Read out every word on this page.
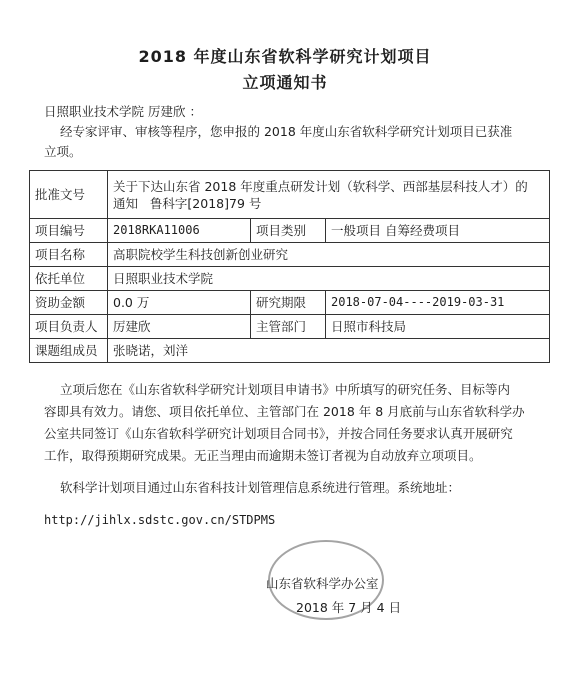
2018 年度山东省软科学研究计划项目
立项通知书

日照职业技术学院 厉建欣 ：

经专家评审、审核等程序，您申报的 2018 年度山东省软科学研究计划项目已获准

立项。

批准文号	关于下达山东省 2018 年度重点研发计划（软科学、西部基层科技人才）的
通知   鲁科字[2018]79 号		

项目编号	2018RKA11006	项目类别	一般项目 自筹经费项目
项目名称	高职院校学生科技创新创业研究		
依托单位	日照职业技术学院		
资助金额	0.0 万	研究期限	2018-07-04----2019-03-31
项目负责人	厉建欣	主管部门	日照市科技局
课题组成员	张晓诺，刘洋		

立项后您在《山东省软科学研究计划项目申请书》中所填写的研究任务、目标等内

容即具有效力。请您、项目依托单位、主管部门在 2018 年 8 月底前与山东省软科学办

公室共同签订《山东省软科学研究计划项目合同书》，并按合同任务要求认真开展研究

工作，取得预期研究成果。无正当理由而逾期未签订者视为自动放弃立项项目。

软科学计划项目通过山东省科技计划管理信息系统进行管理。系统地址：

http://jihlx.sdstc.gov.cn/STDPMS

山东省软科学办公室

2018 年 7 月 4 日
